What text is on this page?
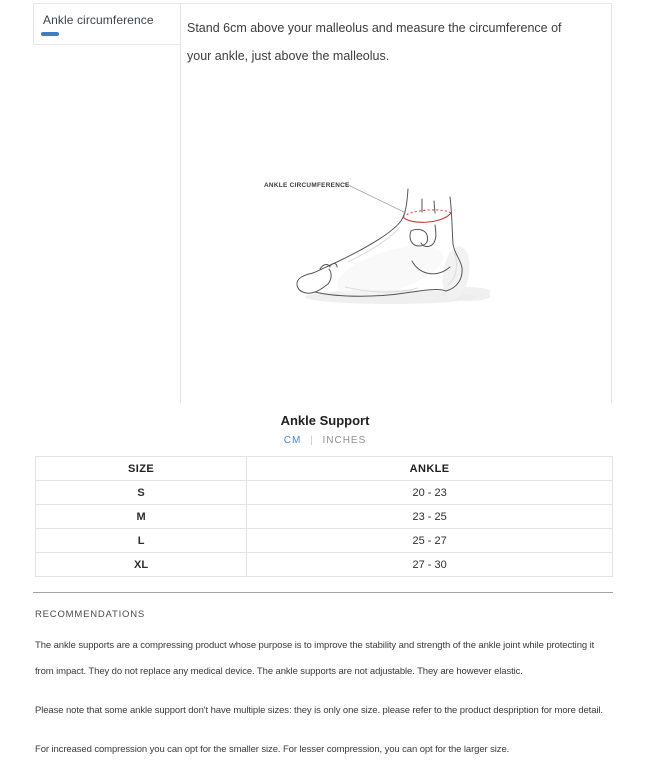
Ankle circumference

Stand 6cm above your malleolus and measure the circumference of your ankle, just above the malleolus.

ANKLE CIRCUMFERENCE
Ankle Support
CM | INCHES
SIZE	ANKLE
S	20 - 23
M	23 - 25
L	25 - 27
XL	27 - 30
RECOMMENDATIONS

The ankle supports are a compressing product whose purpose is to improve the stability and strength of the ankle joint while protecting it from impact. They do not replace any medical device. The ankle supports are not adjustable. They are however elastic.

Please note that some ankle support don't have multiple sizes: they is only one size. please refer to the product despription for more detail.

For increased compression you can opt for the smaller size. For lesser compression, you can opt for the larger size.
